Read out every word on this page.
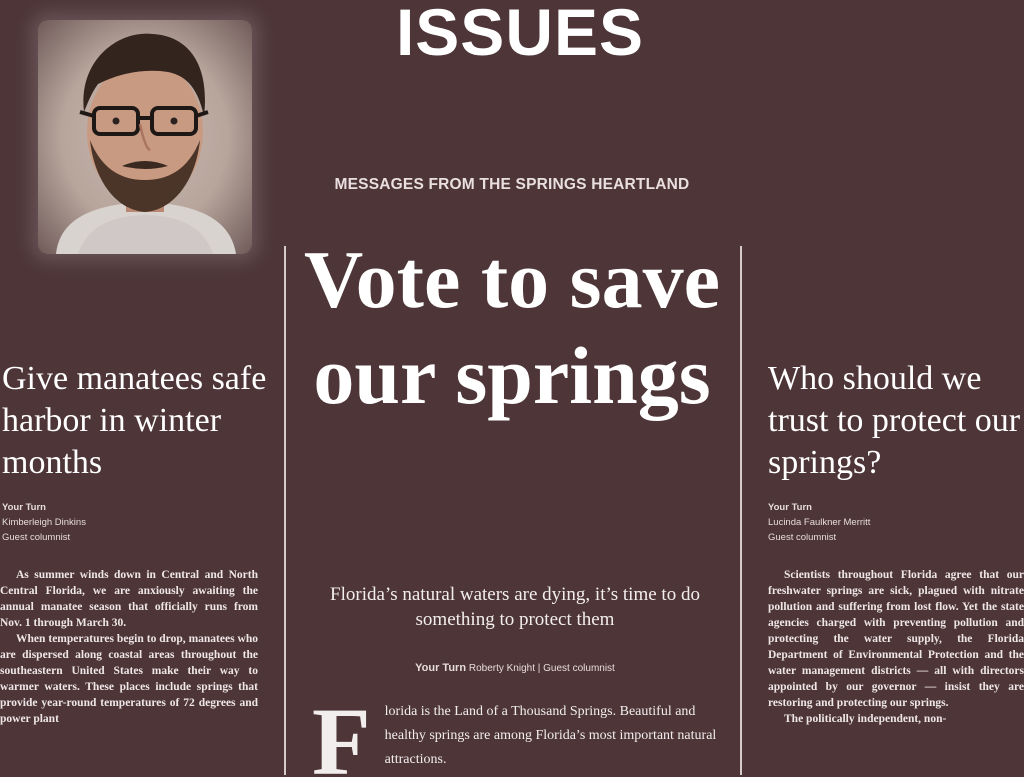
ISSUES
MESSAGES FROM THE SPRINGS HEARTLAND
Give manatees safe harbor in winter months
Your Turn
Kimberleigh Dinkins
Guest columnist

As summer winds down in Central and North Central Florida, we are anxiously awaiting the annual manatee season that officially runs from Nov. 1 through March 30.

When temperatures begin to drop, manatees who are dispersed along coastal areas throughout the southeastern United States make their way to warmer waters. These places include springs that provide year-round temperatures of 72 degrees and power plant

Vote to save our springs
Florida’s natural waters are dying, it’s time to do something to protect them
Your Turn Roberty Knight | Guest columnist
F lorida is the Land of a Thousand Springs. Beautiful and healthy springs are among Florida’s most important natural attractions.
Who should we trust to protect our springs?
Your Turn
Lucinda Faulkner Merritt
Guest columnist

Scientists throughout Florida agree that our freshwater springs are sick, plagued with nitrate pollution and suffering from lost flow. Yet the state agencies charged with preventing pollution and protecting the water supply, the Florida Department of Environmental Protection and the water management districts — all with directors appointed by our governor — insist they are restoring and protecting our springs.

The politically independent, non-
